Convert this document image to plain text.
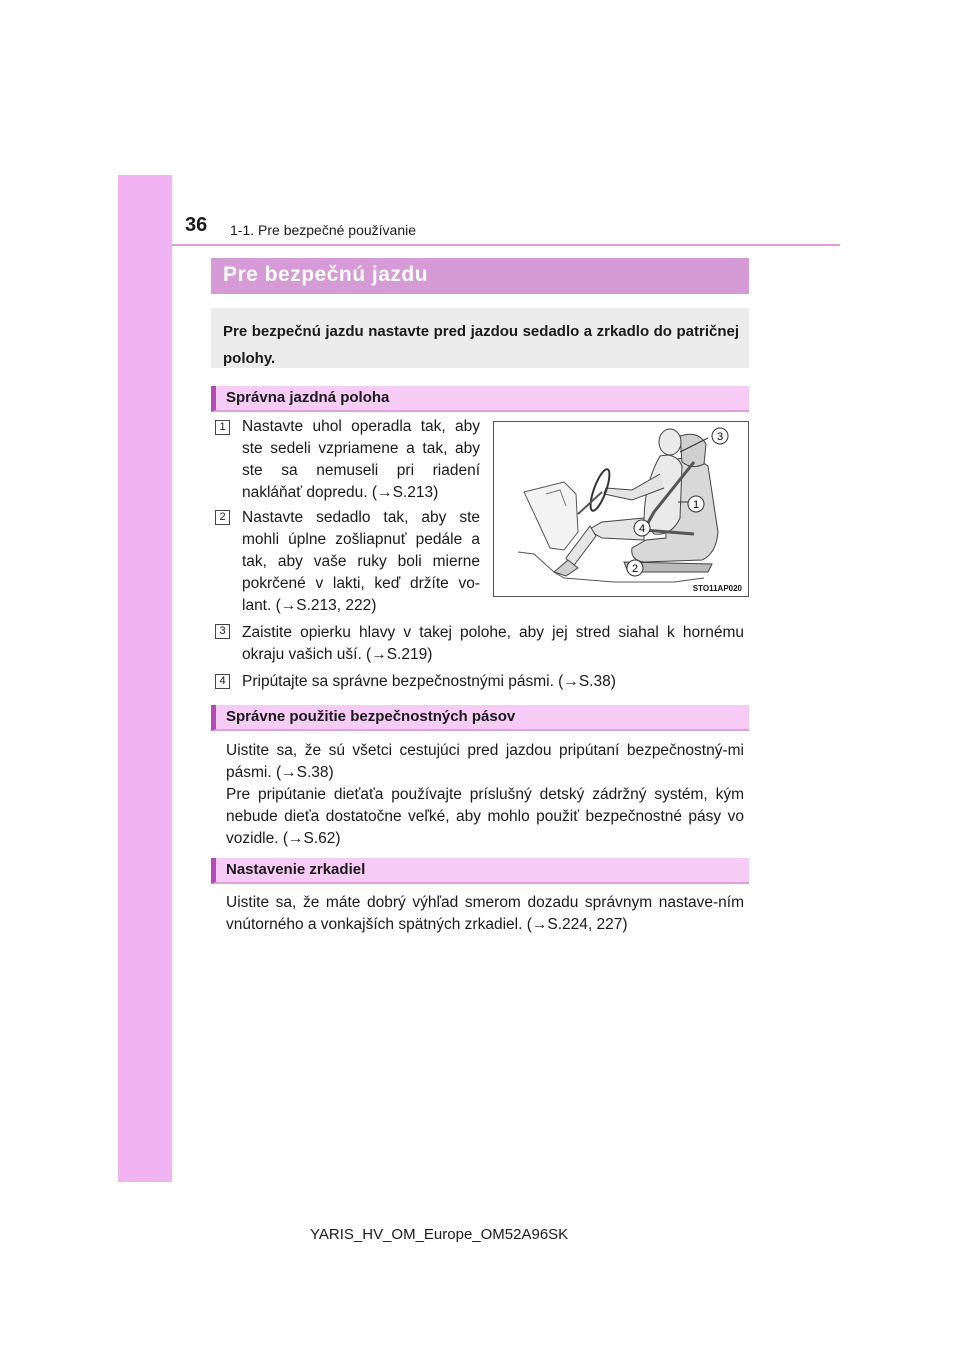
36 1-1. Pre bezpečné používanie
Pre bezpečnú jazdu

Pre bezpečnú jazdu nastavte pred jazdou sedadlo a zrkadlo do patričnej polohy.

Správna jazdná poloha
1 Nastavte uhol operadla tak, aby ste sedeli vzpriamene a tak, aby ste sa nemuseli pri riadení nakláňať dopredu. (→S.213)
2 Nastavte sedadlo tak, aby ste mohli úplne zošliapnuť pedále a tak, aby vaše ruky boli mierne pokrčené v lakti, keď držíte vo-lant. (→S.213, 222)
1
2
3
4
STO11AP020
3 Zaistite opierku hlavy v takej polohe, aby jej stred siahal k hornému okraju vašich uší. (→S.219)
4 Pripútajte sa správne bezpečnostnými pásmi. (→S.38)
Správne použitie bezpečnostných pásov
Uistite sa, že sú všetci cestujúci pred jazdou pripútaní bezpečnostný-mi pásmi. (→S.38)
Pre pripútanie dieťaťa používajte príslušný detský zádržný systém, kým nebude dieťa dostatočne veľké, aby mohlo použiť bezpečnostné pásy vo vozidle. (→S.62)
Nastavenie zrkadiel
Uistite sa, že máte dobrý výhľad smerom dozadu správnym nastave-ním vnútorného a vonkajších spätných zrkadiel. (→S.224, 227)
YARIS_HV_OM_Europe_OM52A96SK
